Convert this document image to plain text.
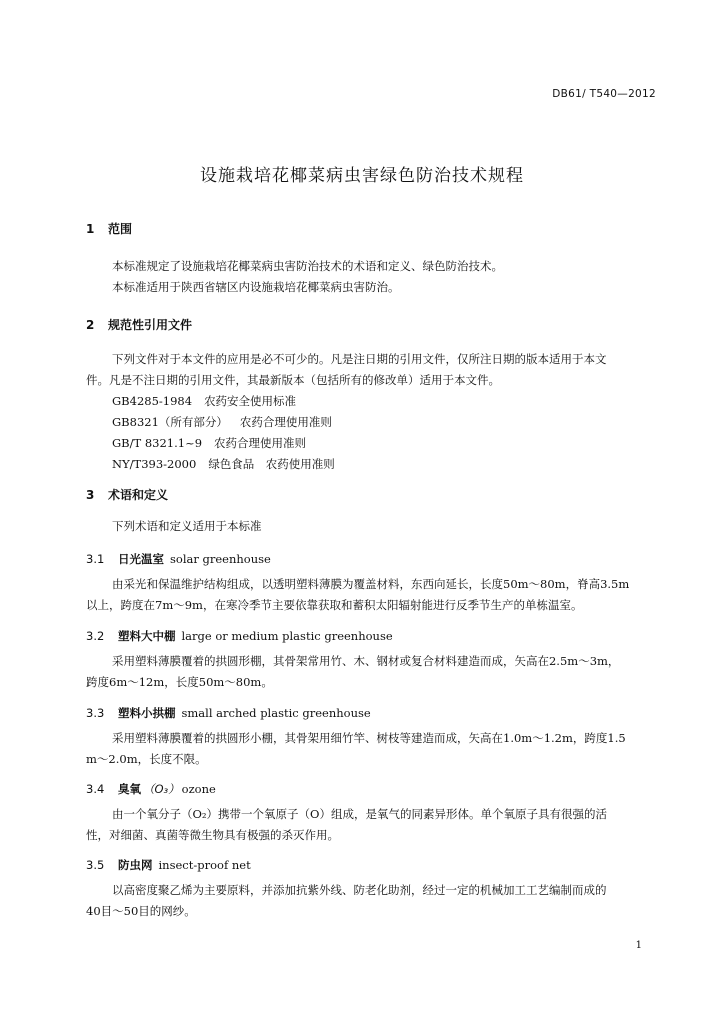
DB61/ T540—2012
设施栽培花椰菜病虫害绿色防治技术规程
1 范围
本标准规定了设施栽培花椰菜病虫害防治技术的术语和定义、绿色防治技术。
本标准适用于陕西省辖区内设施栽培花椰菜病虫害防治。
2 规范性引用文件
下列文件对于本文件的应用是必不可少的。凡是注日期的引用文件，仅所注日期的版本适用于本文
件。凡是不注日期的引用文件，其最新版本（包括所有的修改单）适用于本文件。
GB4285-1984 农药安全使用标准
GB8321（所有部分） 农药合理使用准则
GB/T 8321.1~9 农药合理使用准则
NY/T393-2000 绿色食品　农药使用准则
3 术语和定义
下列术语和定义适用于本标准
3.1 日光温室 solar greenhouse
由采光和保温维护结构组成，以透明塑料薄膜为覆盖材料，东西向延长，长度50m～80m，脊高3.5m
以上，跨度在7m～9m，在寒冷季节主要依靠获取和蓄积太阳辐射能进行反季节生产的单栋温室。
3.2 塑料大中棚 large or medium plastic greenhouse
采用塑料薄膜覆着的拱圆形棚，其骨架常用竹、木、钢材或复合材料建造而成，矢高在2.5m～3m，
跨度6m～12m，长度50m～80m。
3.3 塑料小拱棚 small arched plastic greenhouse
采用塑料薄膜覆着的拱圆形小棚，其骨架用细竹竿、树枝等建造而成，矢高在1.0m～1.2m，跨度1.5
m～2.0m，长度不限。
3.4 臭氧 （O₃） ozone
由一个氧分子（O₂）携带一个氧原子（O）组成，是氧气的同素异形体。单个氧原子具有很强的活
性，对细菌、真菌等微生物具有极强的杀灭作用。
3.5 防虫网 insect-proof net
以高密度聚乙烯为主要原料，并添加抗紫外线、防老化助剂，经过一定的机械加工工艺编制而成的
40目～50目的网纱。
1
